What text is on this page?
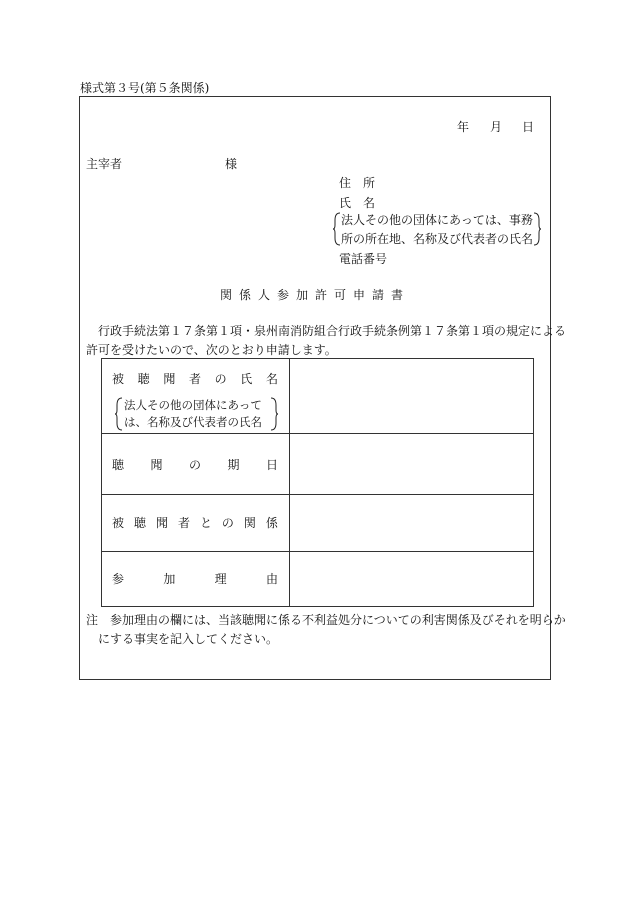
様式第３号(第５条関係)
年 月 日
主宰者	様
住　所
氏　名
法人その他の団体にあっては、事務
所の所在地、名称及び代表者の氏名
電話番号
関係人参加許可申請書
行政手続法第１７条第１項・泉州南消防組合行政手続条例第１７条第１項の規定による
許可を受けたいので、次のとおり申請します。
被 聴 聞 者 の 氏 名
法人その他の団体にあって
は、名称及び代表者の氏名
聴 聞 の 期 日
被 聴 聞 者 と の 関 係
参	加	理	由
注　参加理由の欄には、当該聴聞に係る不利益処分についての利害関係及びそれを明らか
にする事実を記入してください。
